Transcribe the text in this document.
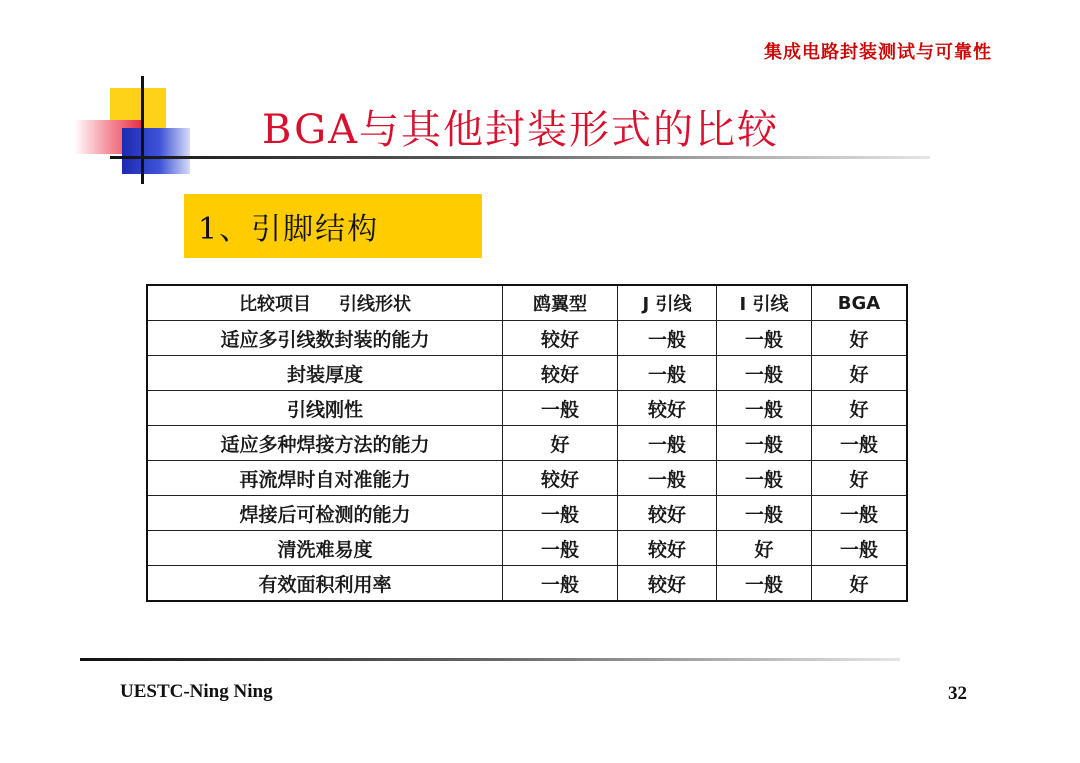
集成电路封装测试与可靠性
BGA与其他封装形式的比较
1、引脚结构
比较项目 引线形状	鸥翼型	J 引线	I 引线	BGA
适应多引线数封装的能力	较好	一般	一般	好
封装厚度	较好	一般	一般	好
引线刚性	一般	较好	一般	好
适应多种焊接方法的能力	好	一般	一般	一般
再流焊时自对准能力	较好	一般	一般	好
焊接后可检测的能力	一般	较好	一般	一般
清洗难易度	一般	较好	好	一般
有效面积利用率	一般	较好	一般	好
UESTC-Ning Ning	32
